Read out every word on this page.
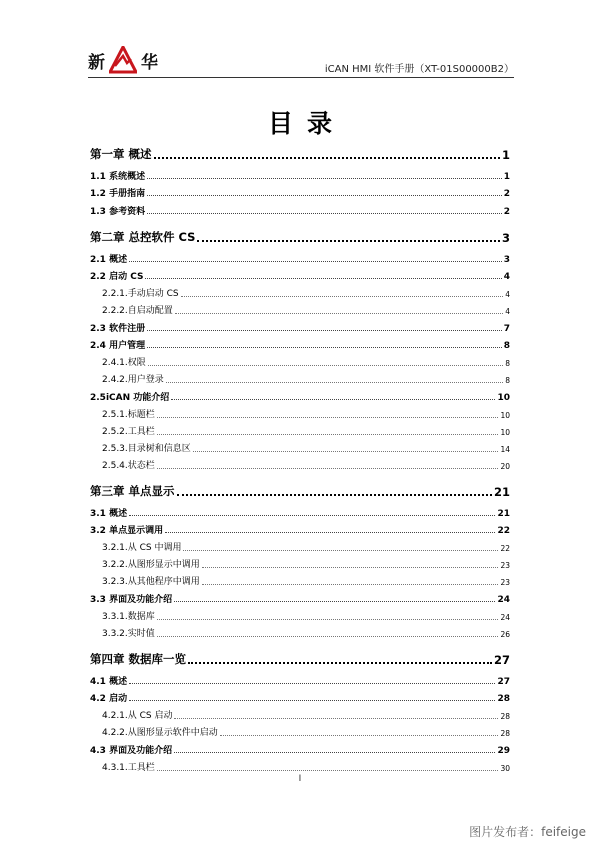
新 华	iCAN HMI 软件手册（XT-01S00000B2）
目录
第一章 概述	1
1.1 系统概述	1
1.2 手册指南	2
1.3 参考资料	2
第二章 总控软件 CS	3
2.1 概述	3
2.2 启动 CS	4
2.2.1.手动启动 CS	4
2.2.2.自启动配置	4
2.3 软件注册	7
2.4 用户管理	8
2.4.1.权限	8
2.4.2.用户登录	8
2.5iCAN 功能介绍	10
2.5.1.标题栏	10
2.5.2.工具栏	10
2.5.3.目录树和信息区	14
2.5.4.状态栏	20
第三章 单点显示	21
3.1 概述	21
3.2 单点显示调用	22
3.2.1.从 CS 中调用	22
3.2.2.从图形显示中调用	23
3.2.3.从其他程序中调用	23
3.3 界面及功能介绍	24
3.3.1.数据库	24
3.3.2.实时值	26
第四章 数据库一览	27
4.1 概述	27
4.2 启动	28
4.2.1.从 CS 启动	28
4.2.2.从图形显示软件中启动	28
4.3 界面及功能介绍	29
4.3.1.工具栏	30
I
图片发布者：feifeige
